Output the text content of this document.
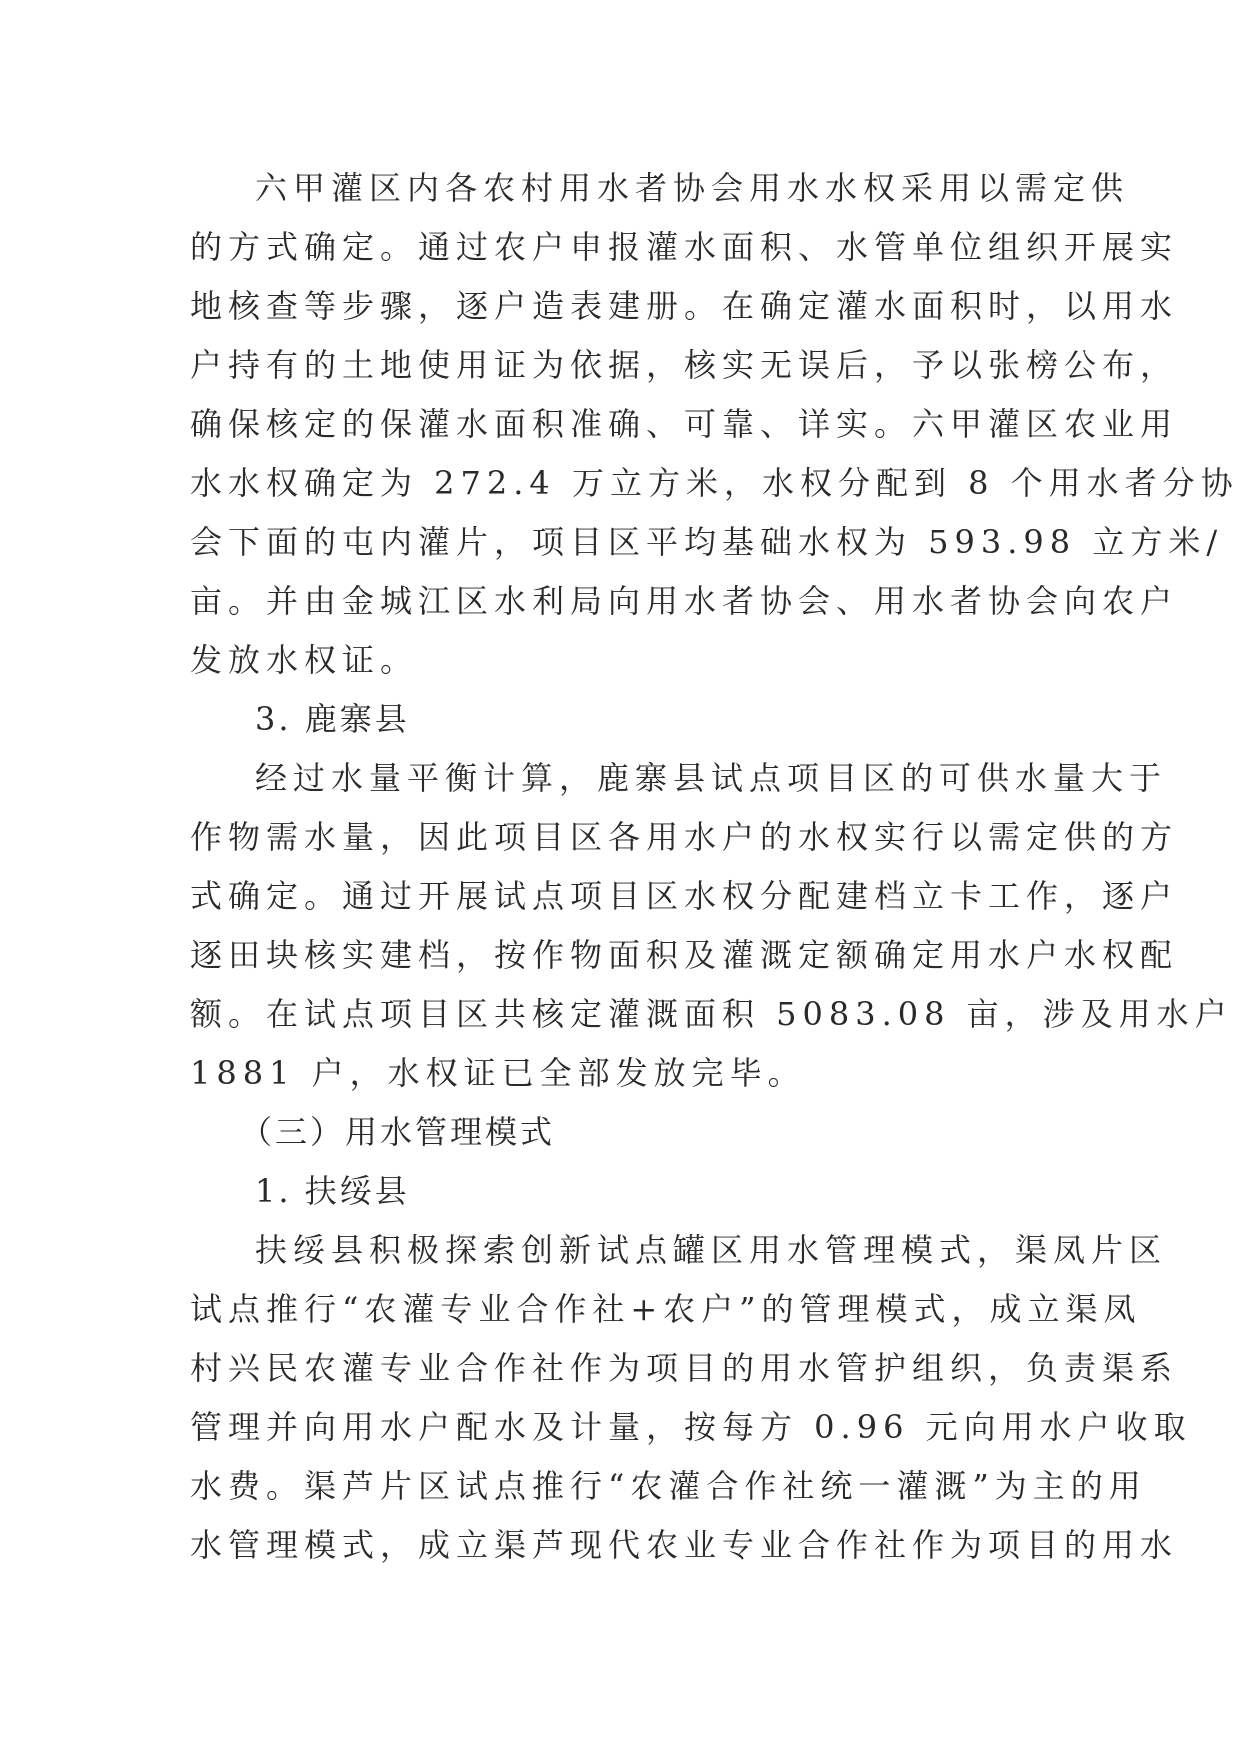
六甲灌区内各农村用水者协会用水水权采用以需定供
的方式确定。通过农户申报灌水面积、水管单位组织开展实
地核查等步骤，逐户造表建册。在确定灌水面积时，以用水
户持有的土地使用证为依据，核实无误后，予以张榜公布，
确保核定的保灌水面积准确、可靠、详实。六甲灌区农业用
水水权确定为 272.4 万立方米，水权分配到 8 个用水者分协
会下面的屯内灌片，项目区平均基础水权为 593.98 立方米/
亩。并由金城江区水利局向用水者协会、用水者协会向农户
发放水权证。
3. 鹿寨县
经过水量平衡计算，鹿寨县试点项目区的可供水量大于
作物需水量，因此项目区各用水户的水权实行以需定供的方
式确定。通过开展试点项目区水权分配建档立卡工作，逐户
逐田块核实建档，按作物面积及灌溉定额确定用水户水权配
额。在试点项目区共核定灌溉面积 5083.08 亩，涉及用水户
1881 户，水权证已全部发放完毕。
（三）用水管理模式
1. 扶绥县
扶绥县积极探索创新试点罐区用水管理模式，渠凤片区
试点推行“农灌专业合作社+农户”的管理模式，成立渠凤
村兴民农灌专业合作社作为项目的用水管护组织，负责渠系
管理并向用水户配水及计量，按每方 0.96 元向用水户收取
水费。渠芦片区试点推行“农灌合作社统一灌溉”为主的用
水管理模式，成立渠芦现代农业专业合作社作为项目的用水
